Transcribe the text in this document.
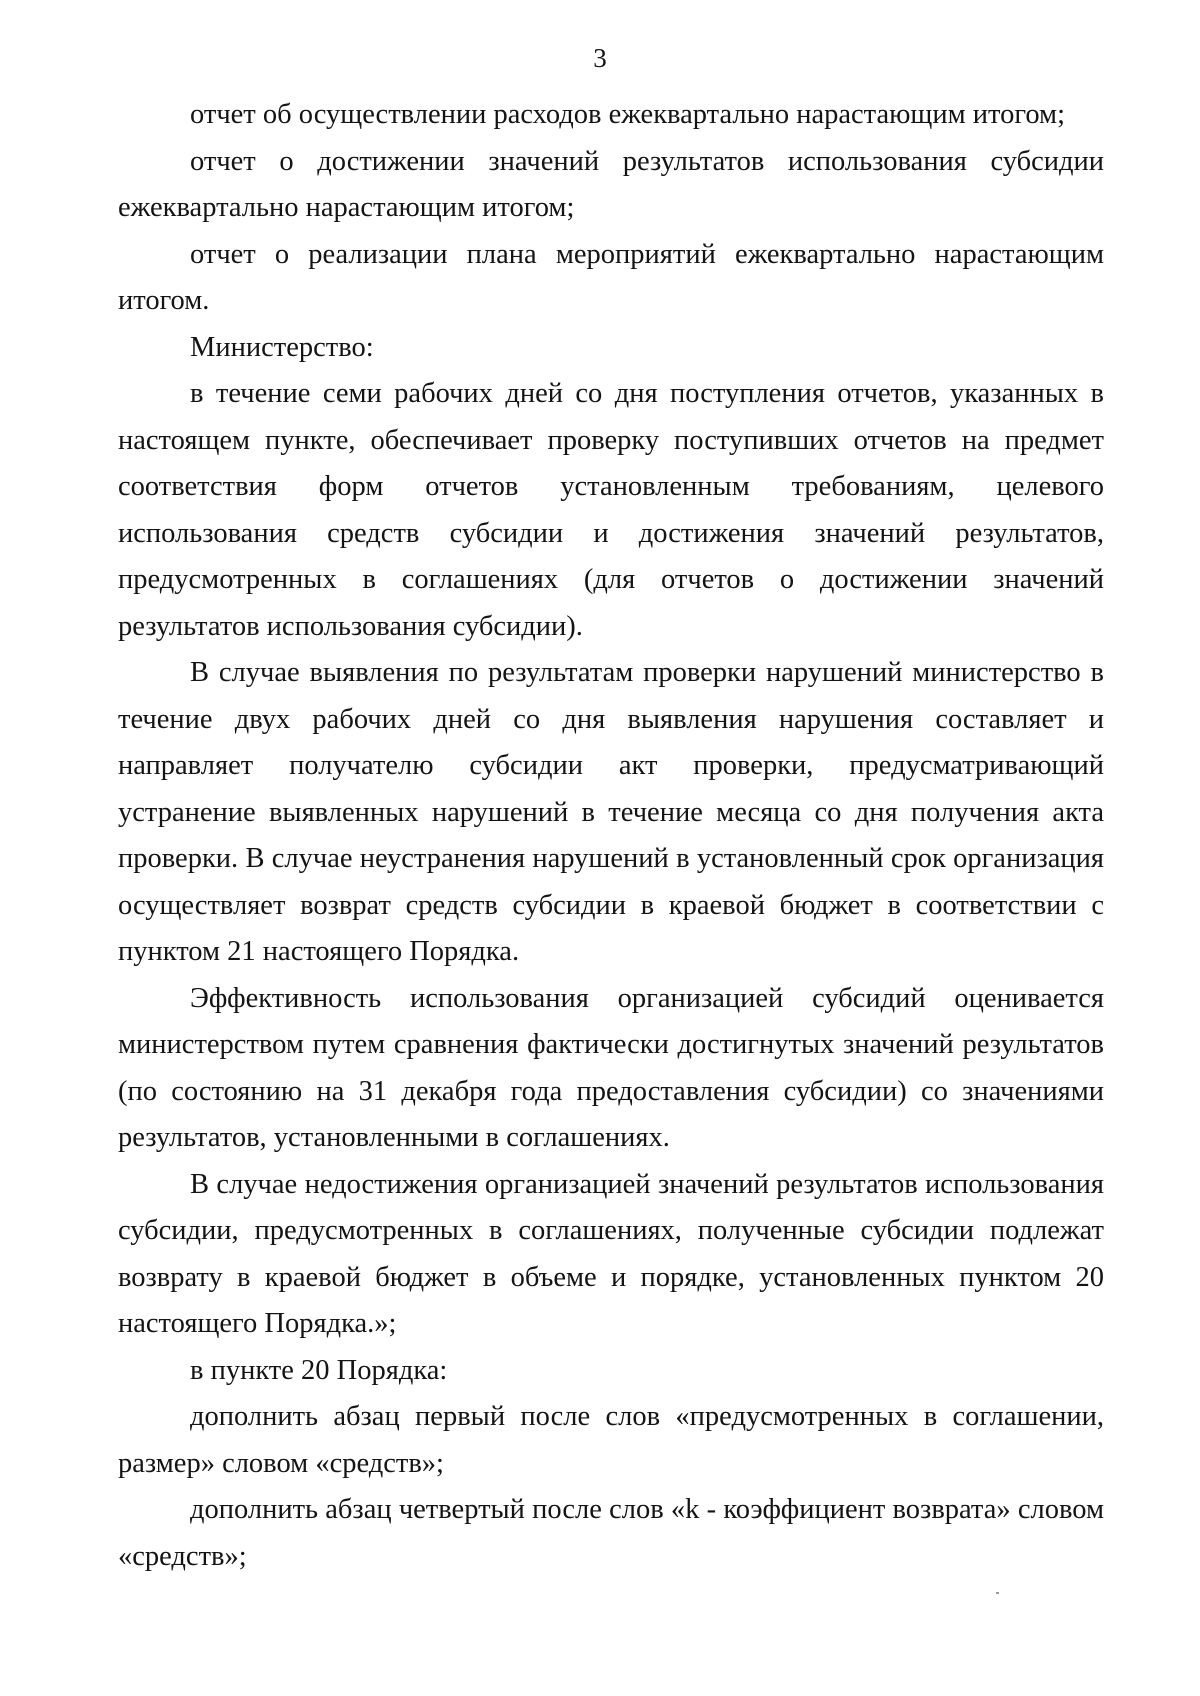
3

отчет об осуществлении расходов ежеквартально нарастающим итогом;

отчет о достижении значений результатов использования субсидии ежеквартально нарастающим итогом;

отчет о реализации плана мероприятий ежеквартально нарастающим итогом.

Министерство:

в течение семи рабочих дней со дня поступления отчетов, указанных в настоящем пункте, обеспечивает проверку поступивших отчетов на предмет соответствия форм отчетов установленным требованиям, целевого использования средств субсидии и достижения значений результатов, предусмотренных в соглашениях (для отчетов о достижении значений результатов использования субсидии).

В случае выявления по результатам проверки нарушений министерство в течение двух рабочих дней со дня выявления нарушения составляет и направляет получателю субсидии акт проверки, предусматривающий устранение выявленных нарушений в течение месяца со дня получения акта проверки. В случае неустранения нарушений в установленный срок организация осуществляет возврат средств субсидии в краевой бюджет в соответствии с пунктом 21 настоящего Порядка.

Эффективность использования организацией субсидий оценивается министерством путем сравнения фактически достигнутых значений результатов (по состоянию на 31 декабря года предоставления субсидии) со значениями результатов, установленными в соглашениях.

В случае недостижения организацией значений результатов использования субсидии, предусмотренных в соглашениях, полученные субсидии подлежат возврату в краевой бюджет в объеме и порядке, установленных пунктом 20 настоящего Порядка.»;

в пункте 20 Порядка:

дополнить абзац первый после слов «предусмотренных в соглашении, размер» словом «средств»;

дополнить абзац четвертый после слов «k - коэффициент возврата» словом «средств»;
